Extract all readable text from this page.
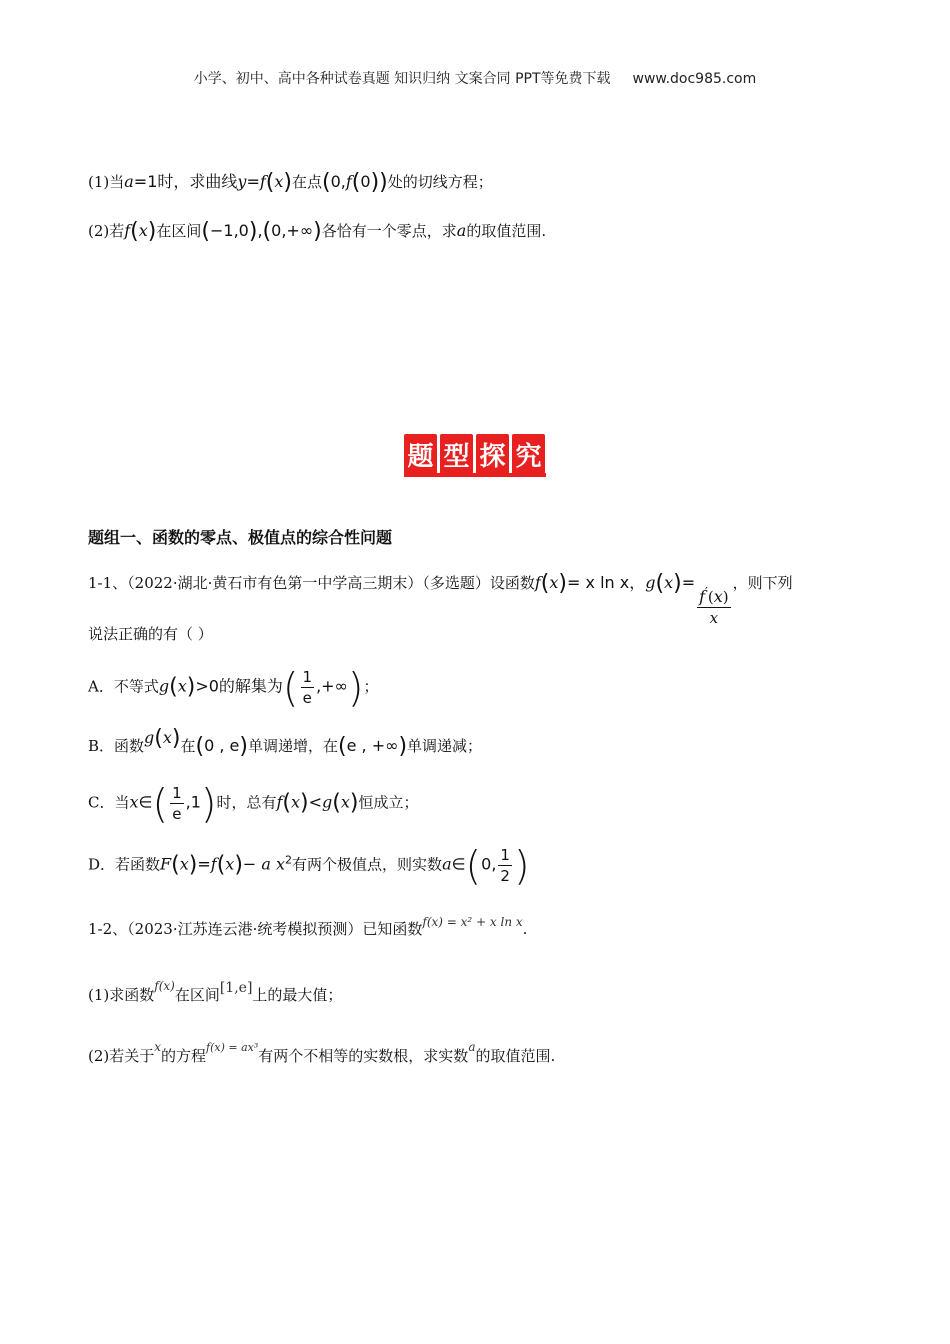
小学、初中、高中各种试卷真题 知识归纳 文案合同 PPT等免费下载 www.doc985.com
(1)当a=1时，求曲线y=f(x)在点(0,f(0))处的切线方程；
(2)若f(x)在区间(−1,0),(0,+∞)各恰有一个零点，求a的取值范围.
题 型 探 究
题组一、函数的零点、极值点的综合性问题
1-1、（2022·湖北·黄石市有色第一中学高三期末）（多选题）设函数f(x)= x ln x，g(x)=
$\frac{f'(x)}{x}$ ，则下列
说法正确的有（ ）
A．不等式g(x)>0的解集为( $\frac{1}{e}$ ,+∞)；
B．函数g(x)在(0 , e)单调递增，在(e , +∞)单调递减；
C．当x∈( $\frac{1}{e} ,1$)时，总有f(x)<g(x)恒成立；
D．若函数F(x)=f(x)− a $x^2$有两个极值点，则实数a∈(0, $\frac{1}{2}$ )
1-2、（2023·江苏连云港·统考模拟预测）已知函数$^{f(x) = x^2 + x ln x}$.
(1)求函数$^{f(x)}$在区间[1,e]上的最大值；
(2)若关于$^x$的方程$^{f(x) = ax^3}$有两个不相等的实数根，求实数$^a$的取值范围.
